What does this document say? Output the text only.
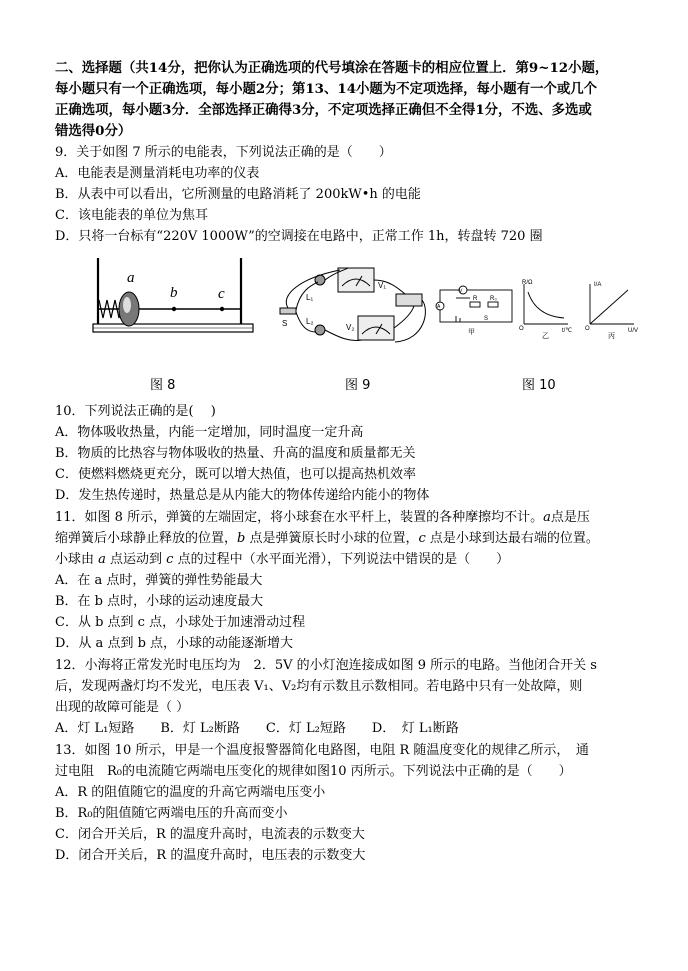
二、选择题（共14分，把你认为正确选项的代号填涂在答题卡的相应位置上．第9~12小题，
每小题只有一个正确选项，每小题2分；第13、14小题为不定项选择，每小题有一个或几个
正确选项，每小题3分．全部选择正确得3分，不定项选择正确但不全得1分，不选、多选或
错选得0分）
9．关于如图 7 所示的电能表，下列说法正确的是（　　）
A．电能表是测量消耗电功率的仪表
B．从表中可以看出，它所测量的电路消耗了 200kW•h 的电能
C．该电能表的单位为焦耳
D．只将一台标有“220V 1000W”的空调接在电路中，正常工作 1h，转盘转 720 圈
a
b	c	L₁
L₂
S
V₁
V₂
V
A
R R₀
S
甲
R/Ω
t/℃
O
乙
I/A
U/V
O
丙
图 8	图 9	图 10
10．下列说法正确的是(　 )
A．物体吸收热量，内能一定增加，同时温度一定升高
B．物质的比热容与物体吸收的热量、升高的温度和质量都无关
C．使燃料燃烧更充分，既可以增大热值，也可以提高热机效率
D．发生热传递时，热量总是从内能大的物体传递给内能小的物体
11．如图 8 所示，弹簧的左端固定，将小球套在水平杆上，装置的各种摩擦均不计。a点是压
缩弹簧后小球静止释放的位置，b 点是弹簧原长时小球的位置，c 点是小球到达最右端的位置。
小球由 a 点运动到 c 点的过程中（水平面光滑），下列说法中错误的是（　　）
A．在 a 点时，弹簧的弹性势能最大
B．在 b 点时，小球的运动速度最大
C．从 b 点到 c 点，小球处于加速滑动过程
D．从 a 点到 b 点，小球的动能逐渐增大
12．小海将正常发光时电压均为　2．5V 的小灯泡连接成如图 9 所示的电路。当他闭合开关 s
后，发现两盏灯均不发光，电压表 V₁、V₂均有示数且示数相同。若电路中只有一处故障，则
出现的故障可能是（ ）
A．灯 L₁短路　　B．灯 L₂断路　　C．灯 L₂短路　　D．　灯 L₁断路
13．如图 10 所示，甲是一个温度报警器简化电路图，电阻 R 随温度变化的规律乙所示，　通
过电阻　R₀的电流随它两端电压变化的规律如图10 丙所示。下列说法中正确的是（　　）
A．R 的阻值随它的温度的升高它两端电压变小
B．R₀的阻值随它两端电压的升高而变小
C．闭合开关后，R 的温度升高时，电流表的示数变大
D．闭合开关后，R 的温度升高时，电压表的示数变大
